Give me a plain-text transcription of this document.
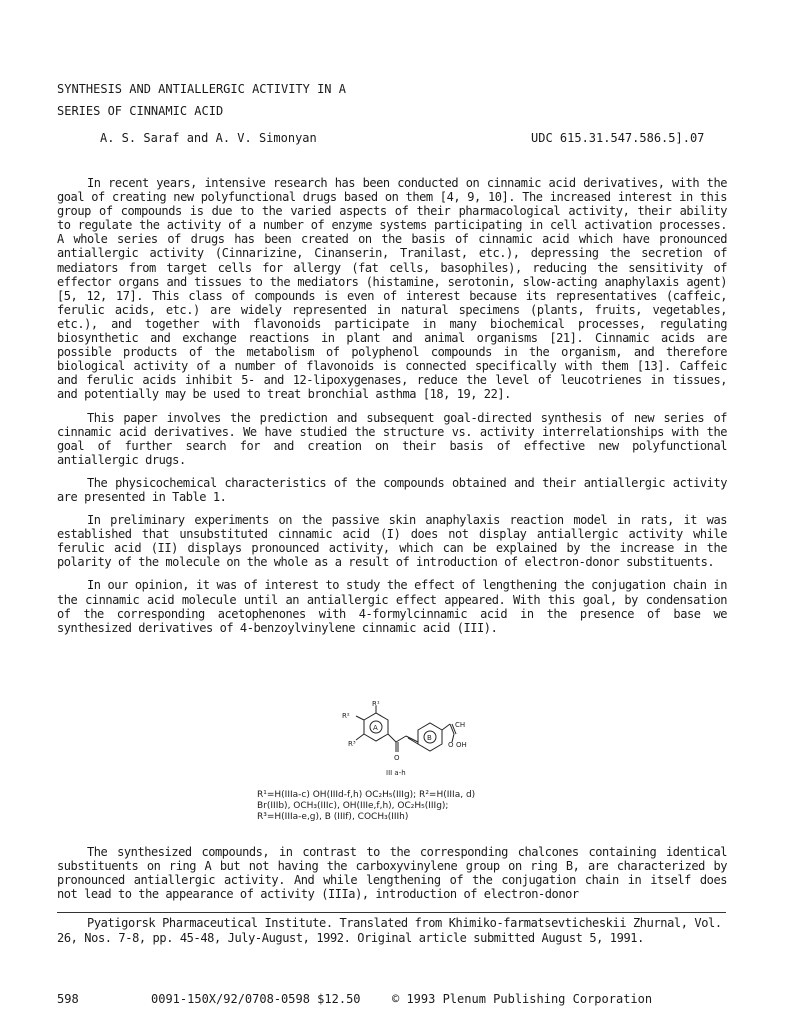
SYNTHESIS AND ANTIALLERGIC ACTIVITY IN A
SERIES OF CINNAMIC ACID
A. S. Saraf and A. V. Simonyan	UDC 615.31.547.586.5].07

In recent years, intensive research has been conducted on cinnamic acid derivatives, with the goal of creating new polyfunctional drugs based on them [4, 9, 10]. The increased interest in this group of compounds is due to the varied aspects of their pharmacological activity, their ability to regulate the activity of a number of enzyme systems participating in cell activation processes. A whole series of drugs has been created on the basis of cinnamic acid which have pronounced antiallergic activity (Cinnarizine, Cinanserin, Tranilast, etc.), depressing the secretion of mediators from target cells for allergy (fat cells, basophiles), reducing the sensitivity of effector organs and tissues to the mediators (histamine, serotonin, slow-acting anaphylaxis agent) [5, 12, 17]. This class of compounds is even of interest because its representatives (caffeic, ferulic acids, etc.) are widely represented in natural specimens (plants, fruits, vegetables, etc.), and together with flavonoids participate in many biochemical processes, regulating biosynthetic and exchange reactions in plant and animal organisms [21]. Cinnamic acids are possible products of the metabolism of polyphenol compounds in the organism, and therefore biological activity of a number of flavonoids is connected specifically with them [13]. Caffeic and ferulic acids inhibit 5- and 12-lipoxygenases, reduce the level of leucotrienes in tissues, and potentially may be used to treat bronchial asthma [18, 19, 22].

This paper involves the prediction and subsequent goal-directed synthesis of new series of cinnamic acid derivatives. We have studied the structure vs. activity interrelationships with the goal of further search for and creation on their basis of effective new polyfunctional antiallergic drugs.

The physicochemical characteristics of the compounds obtained and their antiallergic activity are presented in Table 1.

In preliminary experiments on the passive skin anaphylaxis reaction model in rats, it was established that unsubstituted cinnamic acid (I) does not display antiallergic activity while ferulic acid (II) displays pronounced activity, which can be explained by the increase in the polarity of the molecule on the whole as a result of introduction of electron-donor substituents.

In our opinion, it was of interest to study the effect of lengthening the conjugation chain in the cinnamic acid molecule until an antiallergic effect appeared. With this goal, by condensation of the corresponding acetophenones with 4-formylcinnamic acid in the presence of base we synthesized derivatives of 4-benzoylvinylene cinnamic acid (III).

R¹
R²
R³
A
B
CH
OH
O
O
III a-h
R¹=H(IIIa-c) OH(IIId-f,h) OC₂H₅(IIIg); R²=H(IIIa, d)
Br(IIIb), OCH₃(IIIc), OH(IIIe,f,h), OC₂H₅(IIIg);
R³=H(IIIa-e,g), B (IIIf), COCH₃(IIIh)

The synthesized compounds, in contrast to the corresponding chalcones containing identical substituents on ring A but not having the carboxyvinylene group on ring B, are characterized by pronounced antiallergic activity. And while lengthening of the conjugation chain in itself does not lead to the appearance of activity (IIIa), introduction of electron-donor

Pyatigorsk Pharmaceutical Institute. Translated from Khimiko-farmatsevticheskii Zhurnal, Vol. 26, Nos. 7-8, pp. 45-48, July-August, 1992. Original article submitted August 5, 1991.

598	0091-150X/92/0708-0598 $12.50	© 1993 Plenum Publishing Corporation
